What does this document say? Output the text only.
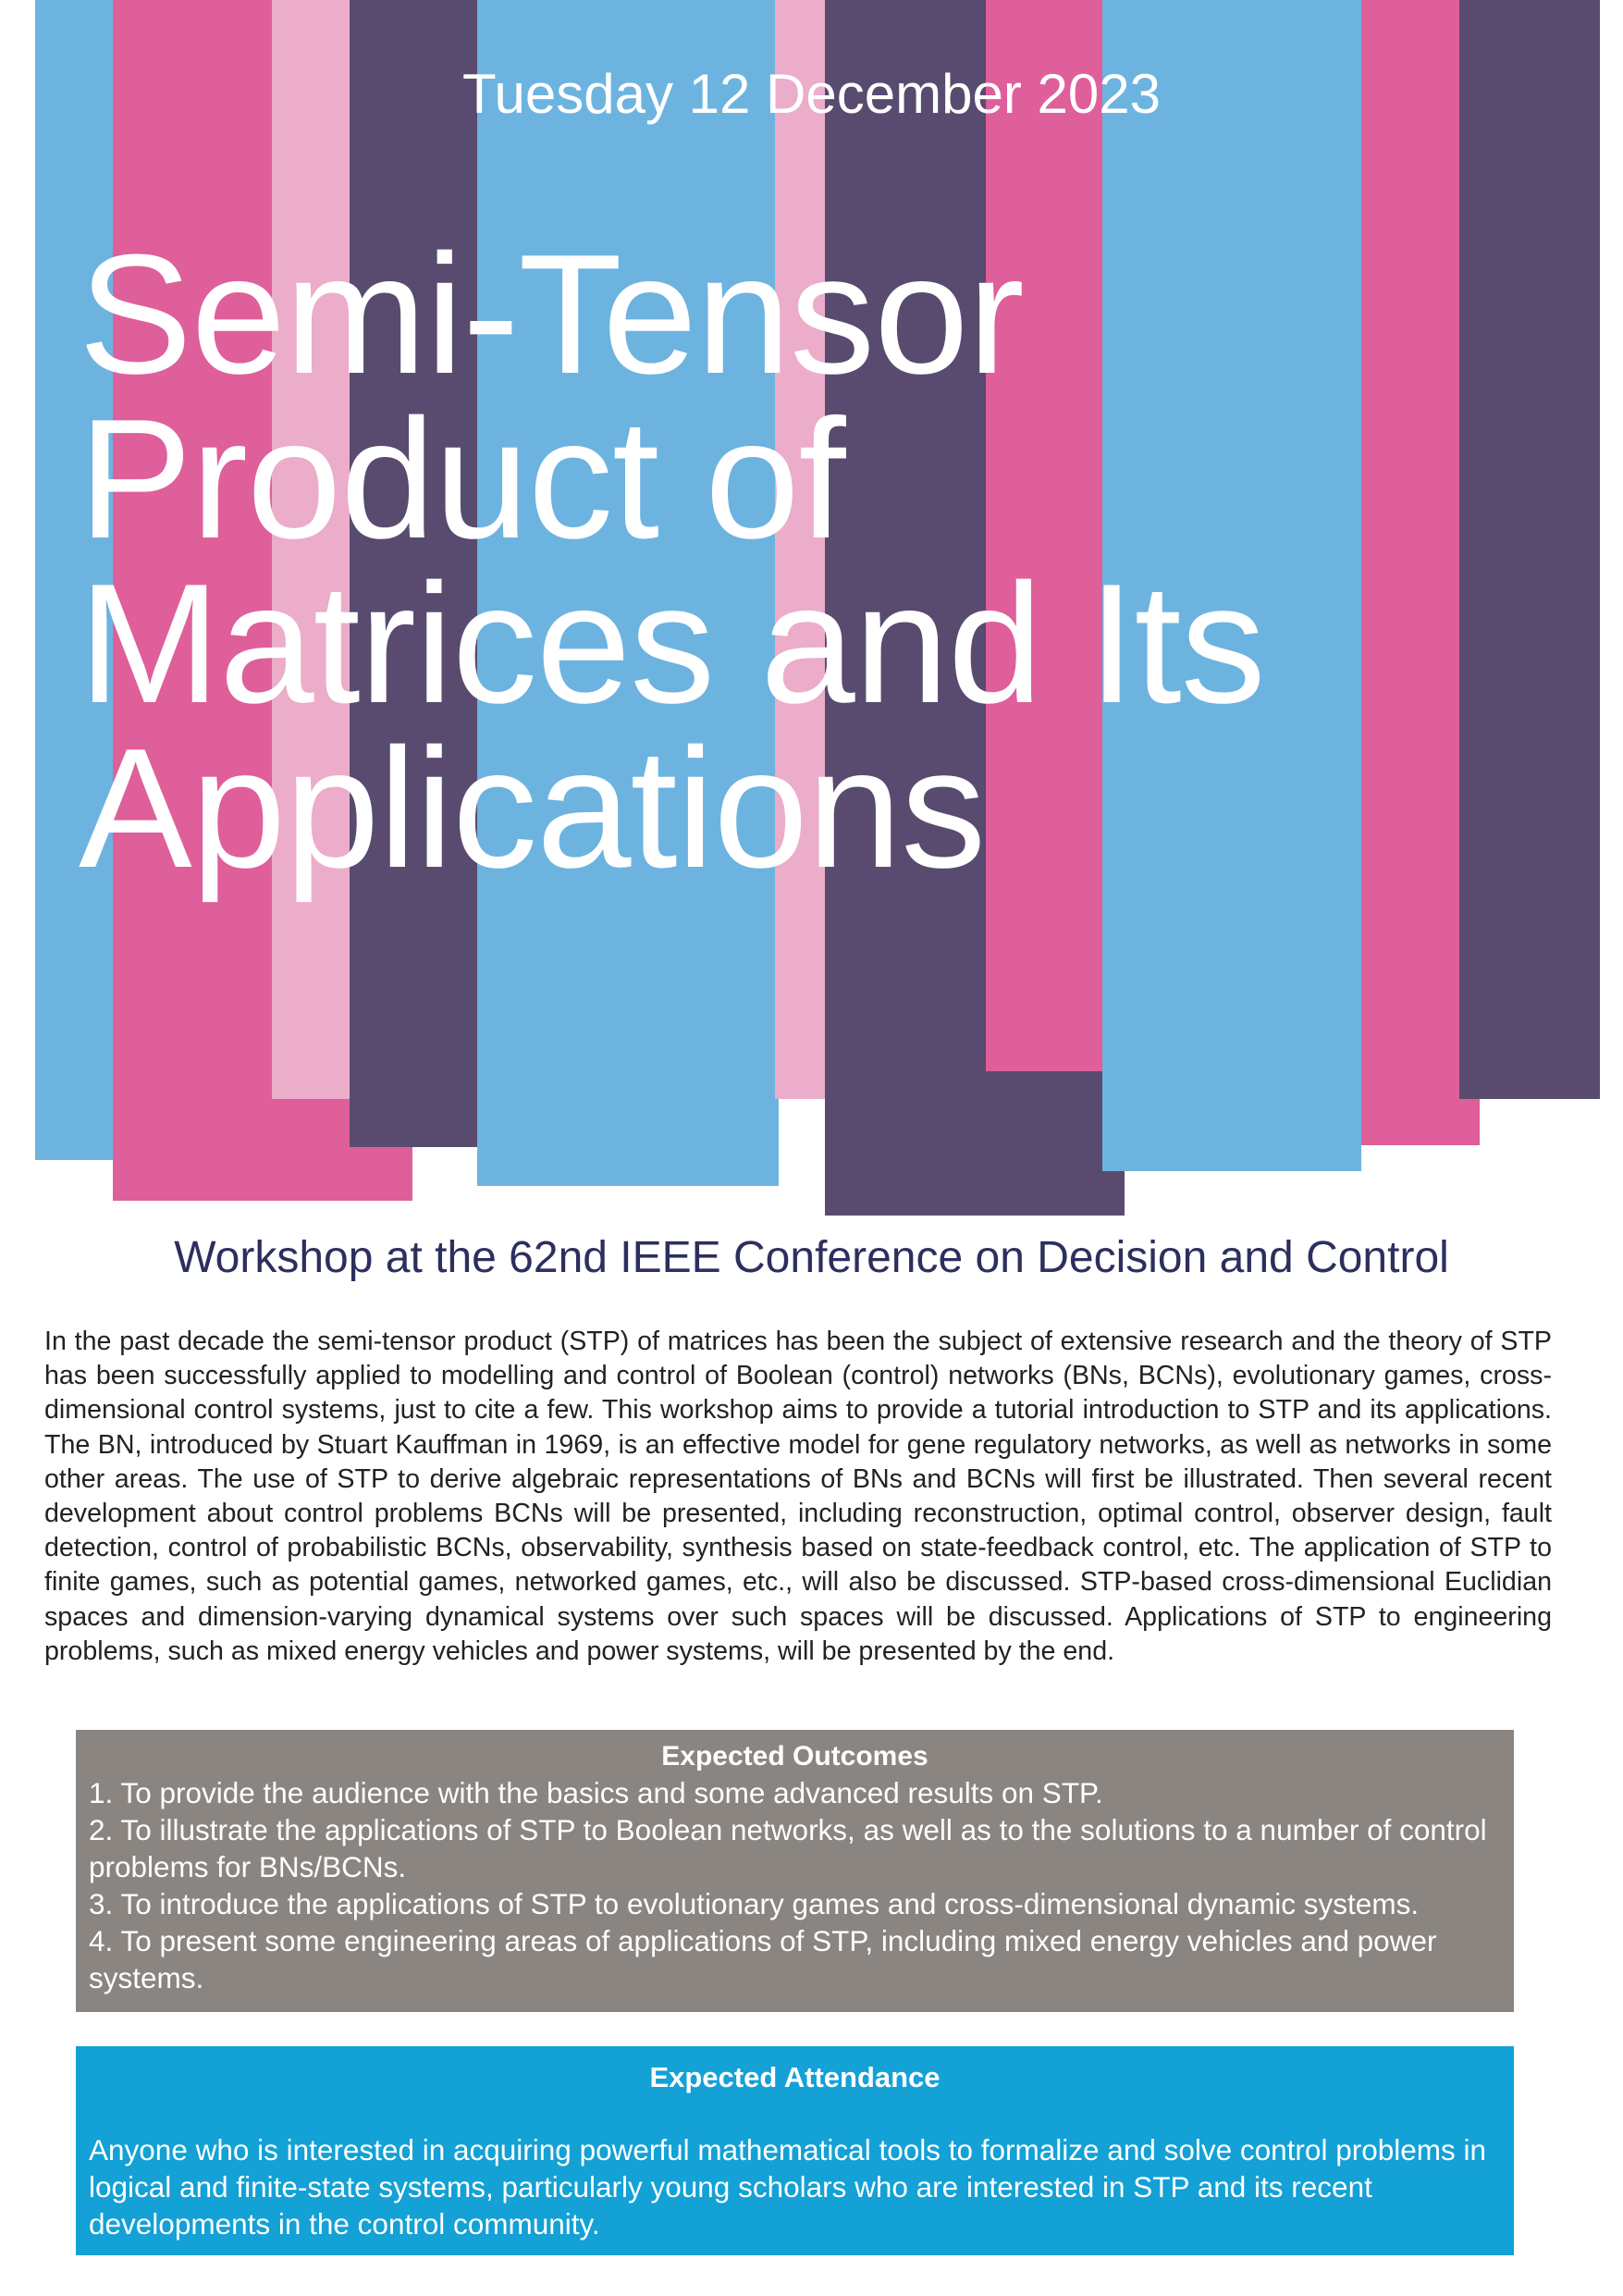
Tuesday 12 December 2023
Semi-Tensor
Product of
Matrices and Its
Applications
Workshop at the 62nd IEEE Conference on Decision and Control

In the past decade the semi-tensor product (STP) of matrices has been the subject of extensive research and the theory of STP has been successfully applied to modelling and control of Boolean (control) networks (BNs, BCNs), evolutionary games, cross-dimensional control systems, just to cite a few. This workshop aims to provide a tutorial introduction to STP and its applications. The BN, introduced by Stuart Kauffman in 1969, is an effective model for gene regulatory networks, as well as networks in some other areas. The use of STP to derive algebraic representations of BNs and BCNs will first be illustrated. Then several recent development about control problems BCNs will be presented, including reconstruction, optimal control, observer design, fault detection, control of probabilistic BCNs, observability, synthesis based on state-feedback control, etc. The application of STP to finite games, such as potential games, networked games, etc., will also be discussed. STP-based cross-dimensional Euclidian spaces and dimension-varying dynamical systems over such spaces will be discussed. Applications of STP to engineering problems, such as mixed energy vehicles and power systems, will be presented by the end.

Expected Outcomes
1. To provide the audience with the basics and some advanced results on STP.
2. To illustrate the applications of STP to Boolean networks, as well as to the solutions to a number of control problems for BNs/BCNs.
3. To introduce the applications of STP to evolutionary games and cross-dimensional dynamic systems.
4. To present some engineering areas of applications of STP, including mixed energy vehicles and power systems.
Expected Attendance
Anyone who is interested in acquiring powerful mathematical tools to formalize and solve control problems in logical and finite-state systems, particularly young scholars who are interested in STP and its recent developments in the control community.
